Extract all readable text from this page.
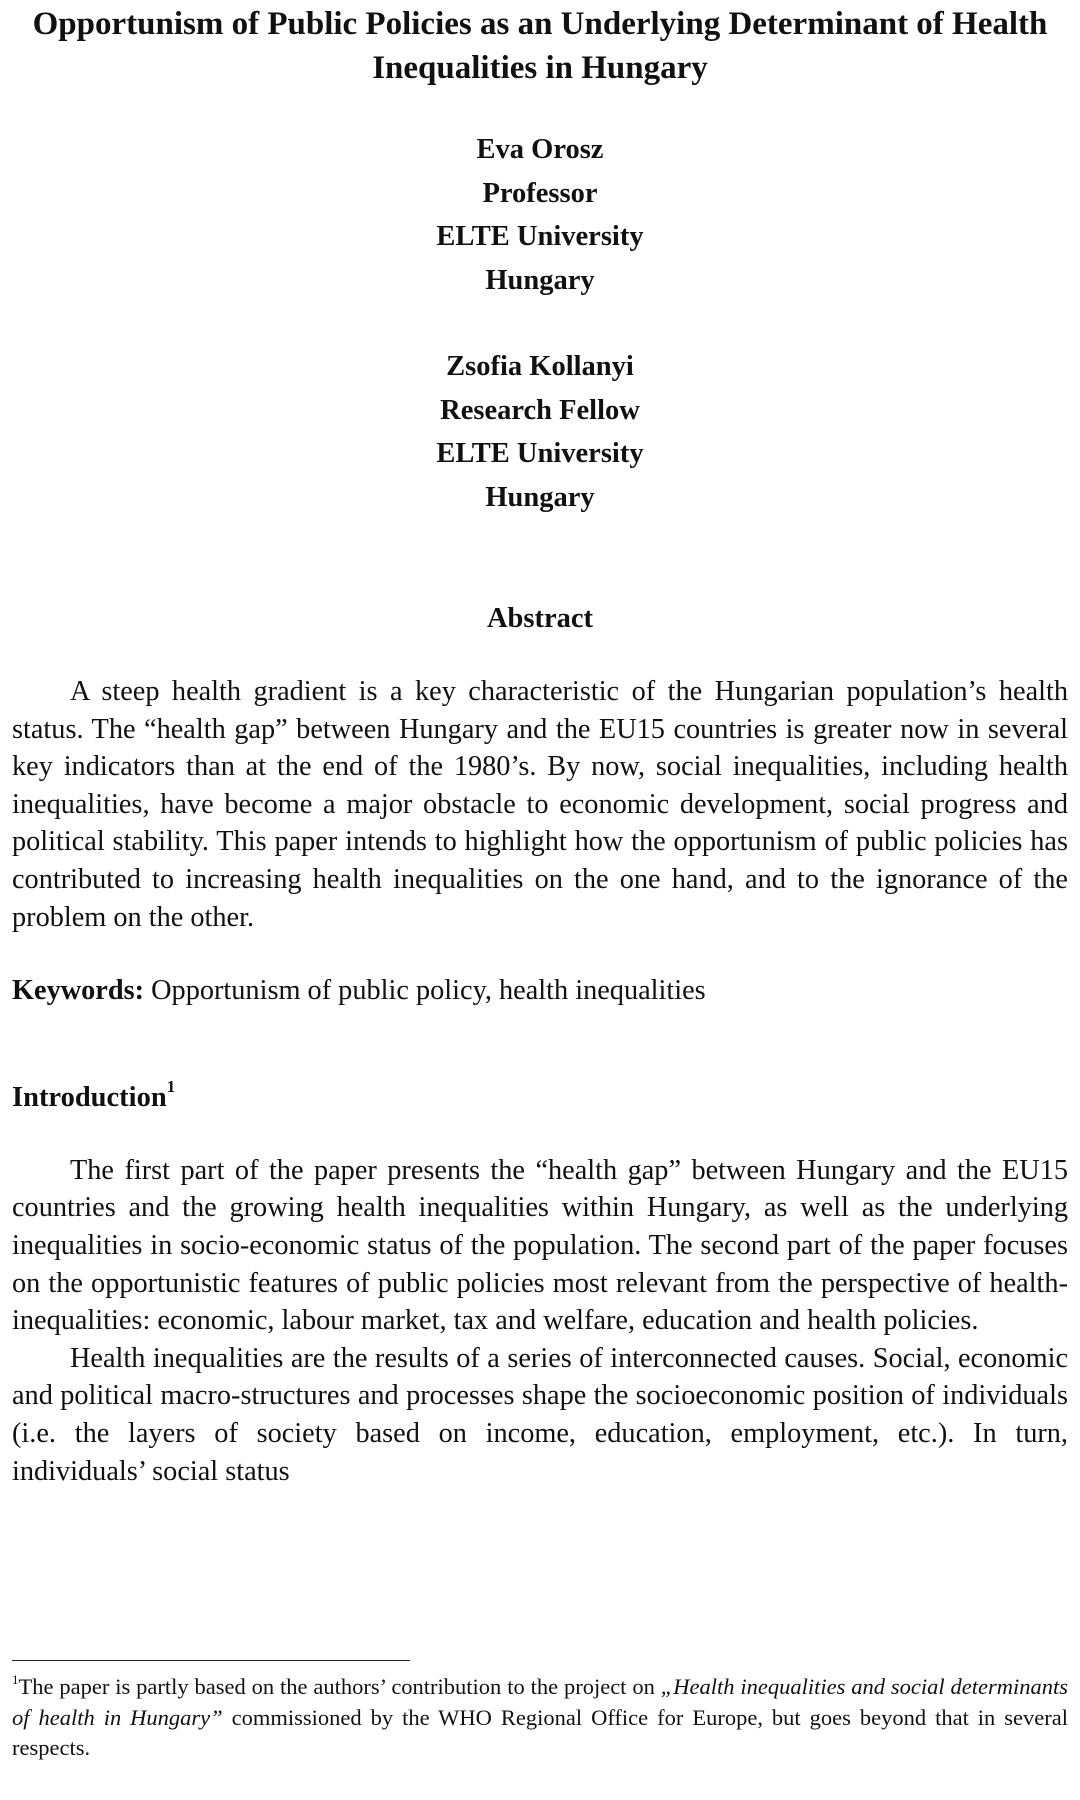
Opportunism of Public Policies as an Underlying Determinant of Health Inequalities in Hungary
Eva Orosz
Professor
ELTE University
Hungary
Zsofia Kollanyi
Research Fellow
ELTE University
Hungary
Abstract

A steep health gradient is a key characteristic of the Hungarian population’s health status. The “health gap” between Hungary and the EU15 countries is greater now in several key indicators than at the end of the 1980’s. By now, social inequalities, including health inequalities, have become a major obstacle to economic development, social progress and political stability. This paper intends to highlight how the opportunism of public policies has contributed to increasing health inequalities on the one hand, and to the ignorance of the problem on the other.

Keywords: Opportunism of public policy, health inequalities
Introduction$^1$

The first part of the paper presents the “health gap” between Hungary and the EU15 countries and the growing health inequalities within Hungary, as well as the underlying inequalities in socio-economic status of the population. The second part of the paper focuses on the opportunistic features of public policies most relevant from the perspective of health-inequalities: economic, labour market, tax and welfare, education and health policies.

Health inequalities are the results of a series of interconnected causes. Social, economic and political macro-structures and processes shape the socioeconomic position of individuals (i.e. the layers of society based on income, education, employment, etc.). In turn, individuals’ social status

$^1$The paper is partly based on the authors’ contribution to the project on „Health inequalities and social determinants of health in Hungary” commissioned by the WHO Regional Office for Europe, but goes beyond that in several respects.
